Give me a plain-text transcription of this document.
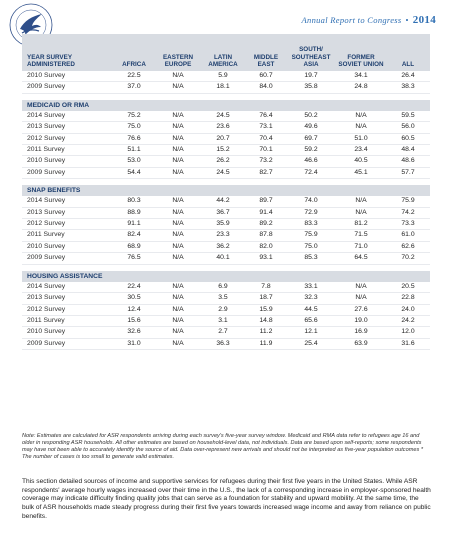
Annual Report to Congress • 2014
YEAR SURVEY ADMINISTERED	AFRICA	EASTERN EUROPE	LATIN AMERICA	MIDDLE EAST	SOUTH/ SOUTHEAST ASIA	FORMER SOVIET UNION	ALL
2010 Survey	22.5	N/A	5.9	60.7	19.7	34.1	26.4
2009 Survey	37.0	N/A	18.1	84.0	35.8	24.8	38.3

MEDICAID OR RMA							
2014 Survey	75.2	N/A	24.5	76.4	50.2	N/A	59.5
2013 Survey	75.0	N/A	23.6	73.1	49.6	N/A	56.0
2012 Survey	76.6	N/A	20.7	70.4	69.7	51.0	60.5
2011 Survey	51.1	N/A	15.2	70.1	59.2	23.4	48.4
2010 Survey	53.0	N/A	26.2	73.2	46.6	40.5	48.6
2009 Survey	54.4	N/A	24.5	82.7	72.4	45.1	57.7

SNAP BENEFITS							
2014 Survey	80.3	N/A	44.2	89.7	74.0	N/A	75.9
2013 Survey	88.9	N/A	36.7	91.4	72.9	N/A	74.2
2012 Survey	91.1	N/A	35.9	89.2	83.3	81.2	73.3
2011 Survey	82.4	N/A	23.3	87.8	75.9	71.5	61.0
2010 Survey	68.9	N/A	36.2	82.0	75.0	71.0	62.6
2009 Survey	76.5	N/A	40.1	93.1	85.3	64.5	70.2

HOUSING ASSISTANCE							
2014 Survey	22.4	N/A	6.9	7.8	33.1	N/A	20.5
2013 Survey	30.5	N/A	3.5	18.7	32.3	N/A	22.8
2012 Survey	12.4	N/A	2.9	15.9	44.5	27.6	24.0
2011 Survey	15.6	N/A	3.1	14.8	65.6	19.0	24.2
2010 Survey	32.6	N/A	2.7	11.2	12.1	16.9	12.0
2009 Survey	31.0	N/A	36.3	11.9	25.4	63.9	31.6

Note: Estimates are calculated for ASR respondents arriving during each survey's five-year survey window. Medicaid and RMA data refer to refugees age 16 and older in responding ASR households. All other estimates are based on household-level data, not individuals. Data are based upon self-reports; some respondents may have not been able to accurately identify the source of aid. Data over-represent new arrivals and should not be interpreted as five-year population outcomes * The number of cases is too small to generate valid estimates.

This section detailed sources of income and supportive services for refugees during their first five years in the United States. While ASR respondents' average hourly wages increased over their time in the U.S., the lack of a corresponding increase in employer-sponsored health coverage may indicate difficulty finding quality jobs that can serve as a foundation for stability and upward mobility. At the same time, the bulk of ASR households made steady progress during their first five years towards increased wage income and away from reliance on public benefits.
